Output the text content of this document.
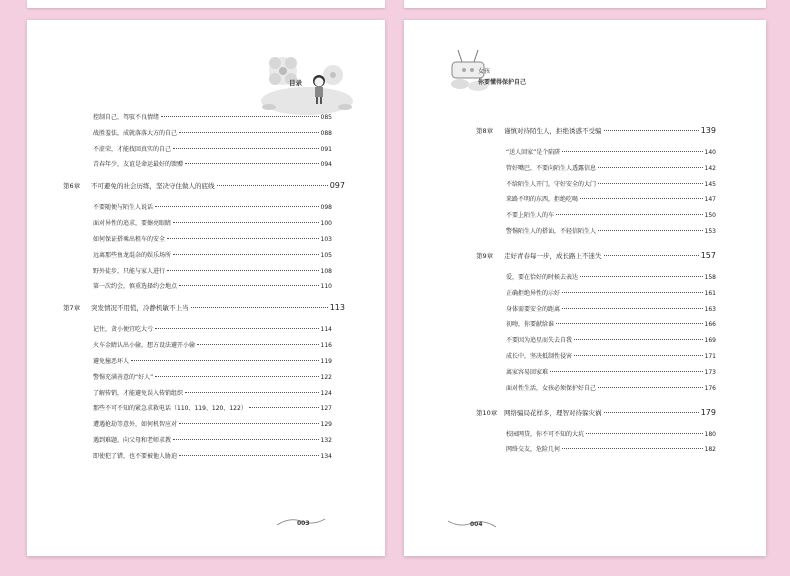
目录
控制自己，驾驭不良情绪	085
战胜羞怯，成就落落大方的自己	088
不虚荣，才能找回真实的自己	091
青春年少，友谊是命运最好的馈赠	094
第6章 不可避免的社会历练，坚决守住做人的底线	097
不要随便与陌生人说话	098
面对异性的追求，要擦亮眼睛	100
如何保证搭乘出租车的安全	103
远离那些鱼龙混杂的娱乐场所	105
野外徒步，只能与家人进行	108
第一次约会，慎重选择约会地点	110
第7章 突发情况不用慌，冷静机敏不上当	113
记住，贪小便宜吃大亏	114
火车金睛认出小偷，想方设法避开小偷	116
避免撞恶坏人	119
警惕充满善意的“好人”	122
了解传销，才能避免误入传销组织	124
那些不可不知的紧急求救电话（110、119、120、122）	127
遭遇抢劫等意外，如何机智应对	129
遇到难题，向父母和老师求教	132
即使犯了错，也不要被他人胁迫	134
003
女孩
你要懂得保护自己
第8章 谨慎对待陌生人，拒绝诱惑不受骗	139
“送人回家”是个陷阱	140
管好嘴巴，不要向陌生人透露信息	142
不给陌生人开门，守好安全的大门	145
来路不明的东西，拒绝吃喝	147
不要上陌生人的车	150
警惕陌生人的搭讪，不轻信陌生人	153
第9章 走好青春每一步，成长路上不迷失	157
爱，要在恰好的时候去表达	158
正确拒绝异性的示好	161
身体需要安全的距离	163
初吻，你要献给谁	166
不要因为追星而失去自我	169
成长中，坚决抵制性侵害	171
离家容易回家难	173
面对性生活，女孩必须保护好自己	176
第10章 网络骗局花样多，理智对待躲灾祸	179
校园网贷，你不可不知的大坑	180
网络交友，危险几何	182
004
